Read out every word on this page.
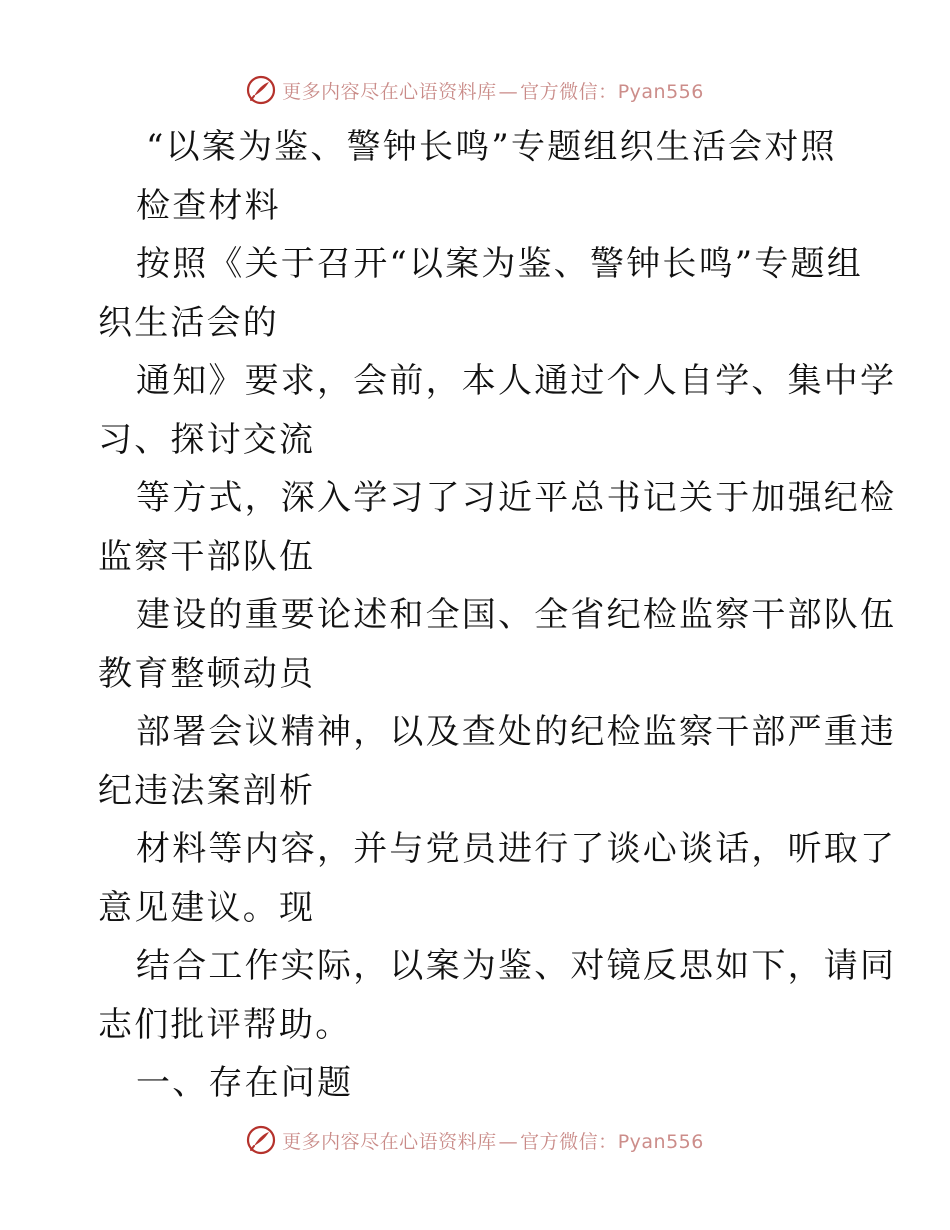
更多内容尽在心语资料库 — 官方微信：Pyan556
“以案为鉴、警钟长鸣”专题组织生活会对照
检查材料
按照《关于召开“以案为鉴、警钟长鸣”专题组
织生活会的
通知》要求，会前，本人通过个人自学、集中学
习、探讨交流
等方式，深入学习了习近平总书记关于加强纪检
监察干部队伍
建设的重要论述和全国、全省纪检监察干部队伍
教育整顿动员
部署会议精神，以及查处的纪检监察干部严重违
纪违法案剖析
材料等内容，并与党员进行了谈心谈话，听取了
意见建议。现
结合工作实际，以案为鉴、对镜反思如下，请同
志们批评帮助。
一、存在问题
更多内容尽在心语资料库 — 官方微信：Pyan556
